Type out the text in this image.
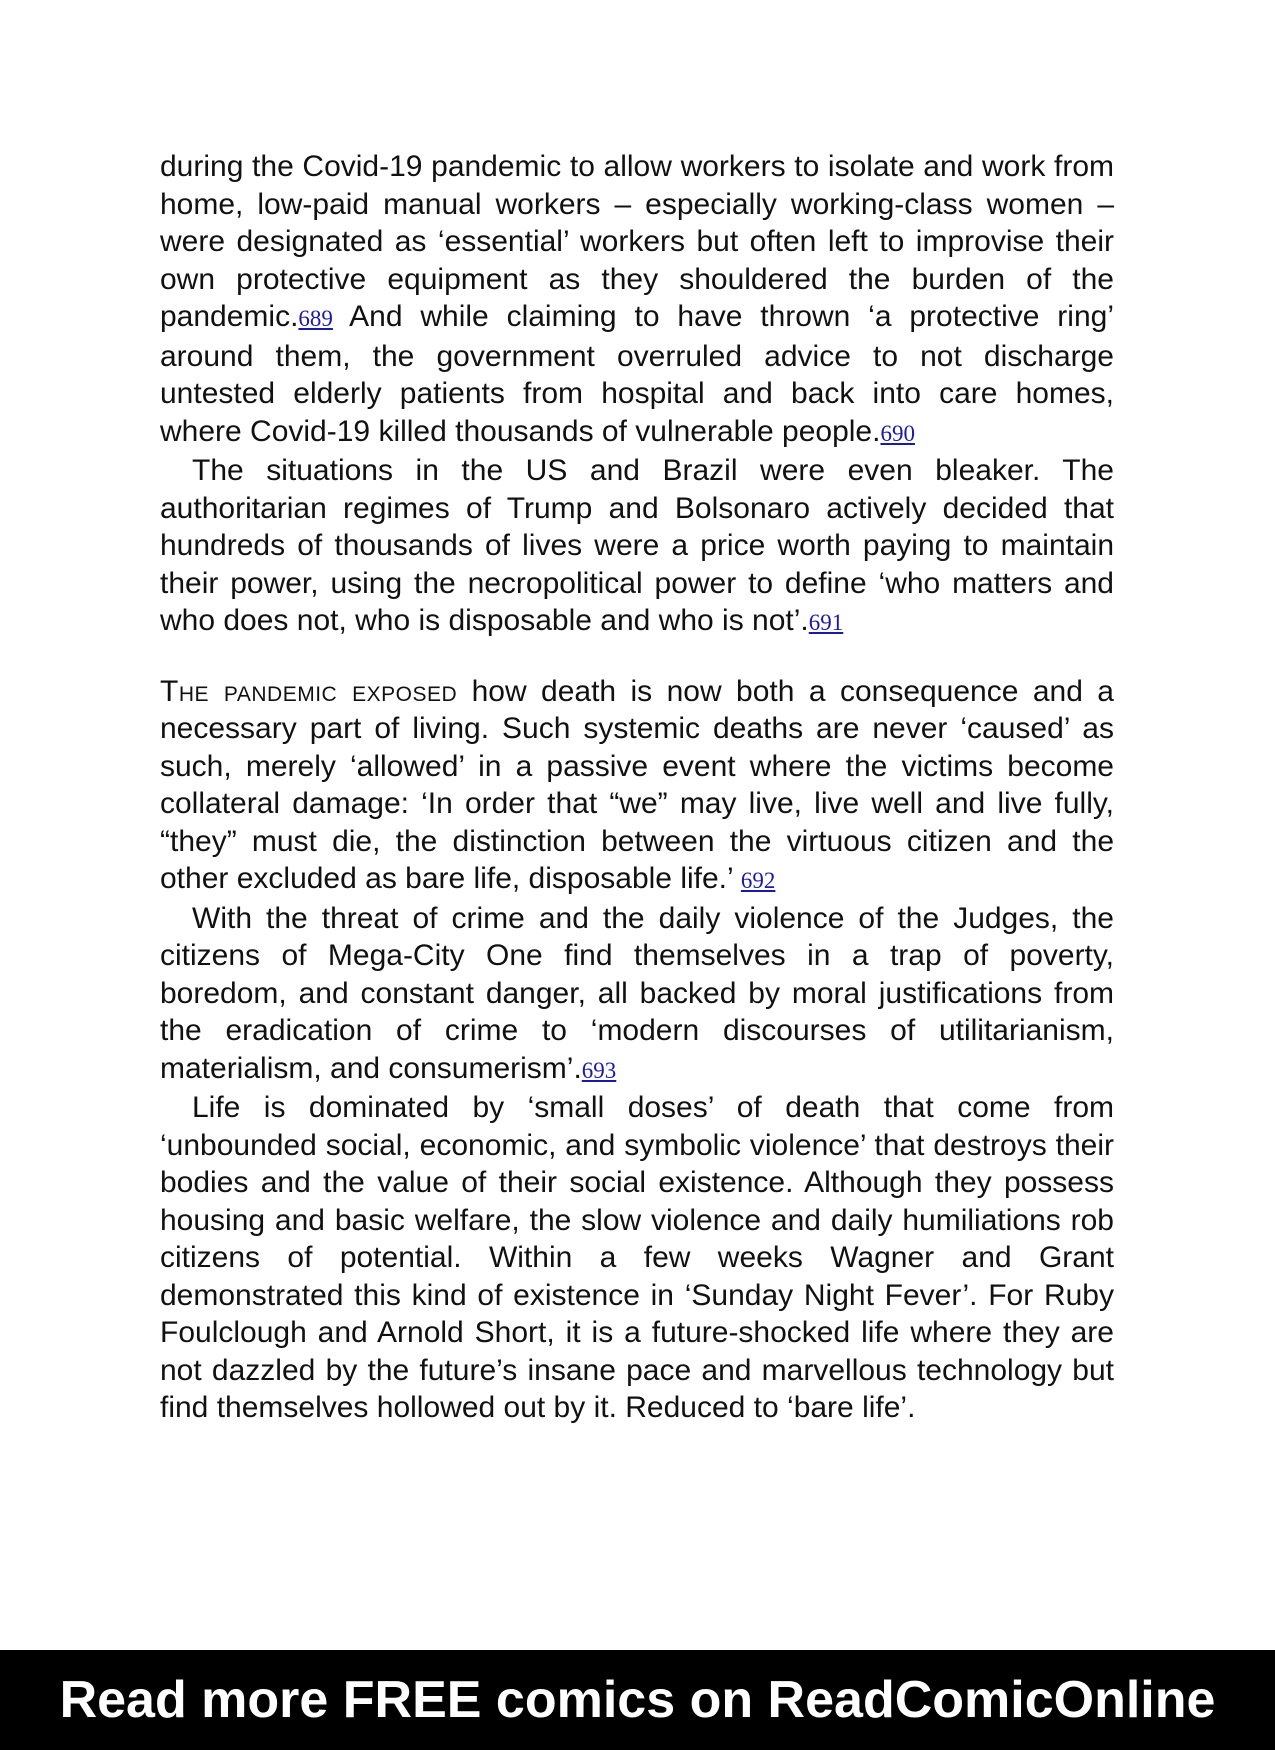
during the Covid-19 pandemic to allow workers to isolate and work from home, low-paid manual workers – especially working-class women – were designated as ‘essential’ workers but often left to improvise their own protective equipment as they shouldered the burden of the pandemic.689 And while claiming to have thrown ‘a protective ring’ around them, the government overruled advice to not discharge untested elderly patients from hospital and back into care homes, where Covid-19 killed thousands of vulnerable people.690

The situations in the US and Brazil were even bleaker. The authoritarian regimes of Trump and Bolsonaro actively decided that hundreds of thousands of lives were a price worth paying to maintain their power, using the necropolitical power to define ‘who matters and who does not, who is disposable and who is not’.691

The pandemic exposed how death is now both a consequence and a necessary part of living. Such systemic deaths are never ‘caused’ as such, merely ‘allowed’ in a passive event where the victims become collateral damage: ‘In order that “we” may live, live well and live fully, “they” must die, the distinction between the virtuous citizen and the other excluded as bare life, disposable life.’ 692

With the threat of crime and the daily violence of the Judges, the citizens of Mega-City One find themselves in a trap of poverty, boredom, and constant danger, all backed by moral justifications from the eradication of crime to ‘modern discourses of utilitarianism, materialism, and consumerism’.693

Life is dominated by ‘small doses’ of death that come from ‘unbounded social, economic, and symbolic violence’ that destroys their bodies and the value of their social existence. Although they possess housing and basic welfare, the slow violence and daily humiliations rob citizens of potential. Within a few weeks Wagner and Grant demonstrated this kind of existence in ‘Sunday Night Fever’. For Ruby Foulclough and Arnold Short, it is a future-shocked life where they are not dazzled by the future’s insane pace and marvellous technology but find themselves hollowed out by it. Reduced to ‘bare life’.

Read more FREE comics on ReadComicOnline
